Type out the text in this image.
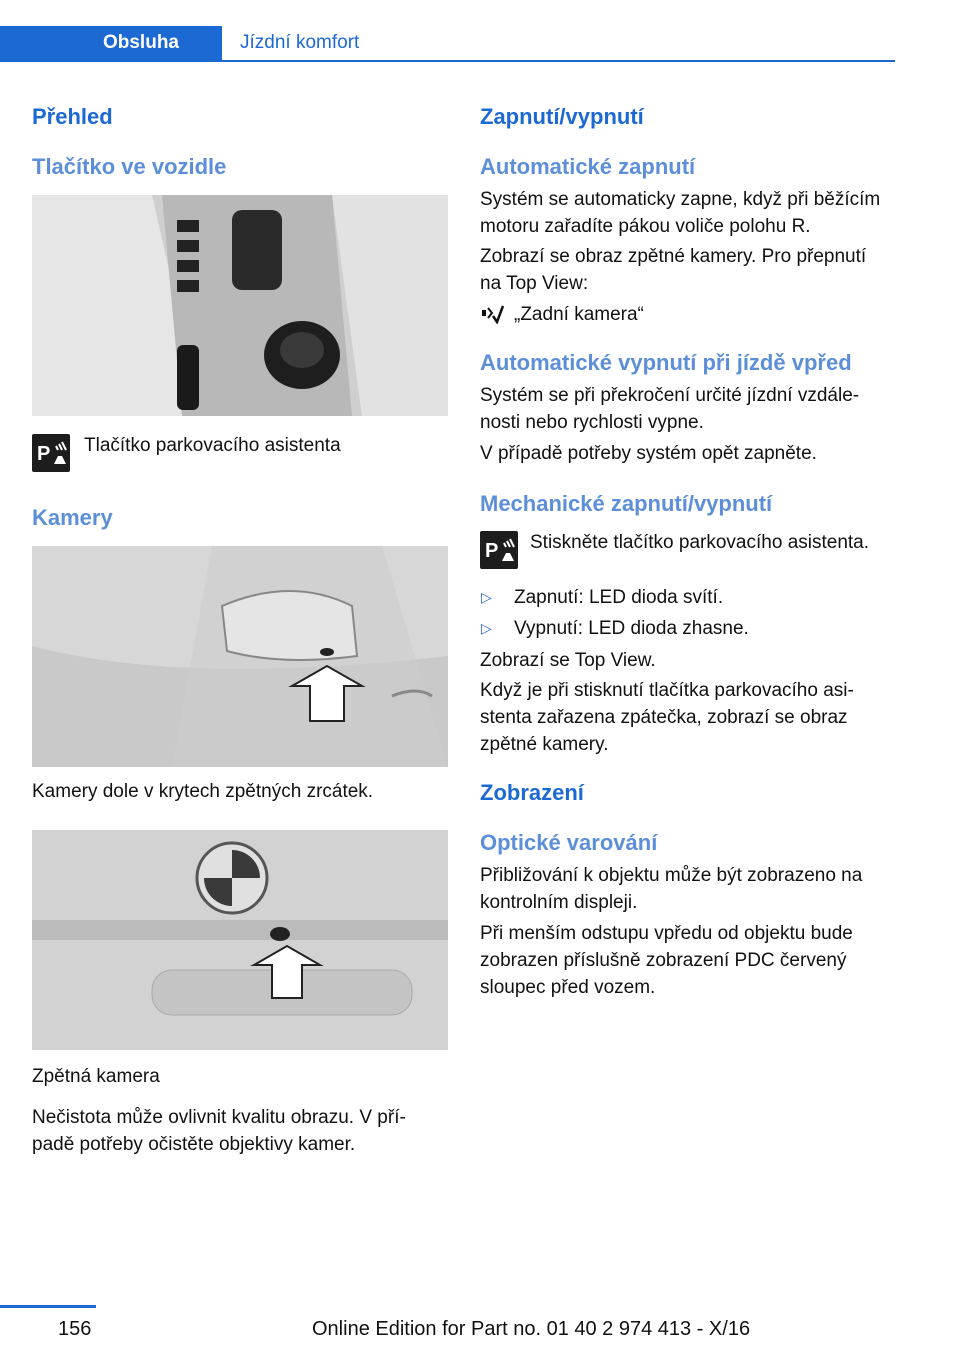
Obsluha	Jízdní komfort
Přehled
Tlačítko ve vozidle
P Tlačítko parkovacího asistenta

Kamery

Kamery dole v krytech zpětných zrcátek.

Zpětná kamera

Nečistota může ovlivnit kvalitu obrazu. V pří‐

padě potřeby očistěte objektivy kamer.

Zapnutí/vypnutí
Automatické zapnutí

Systém se automaticky zapne, když při běžícím

motoru zařadíte pákou voliče polohu R.

Zobrazí se obraz zpětné kamery. Pro přepnutí

na Top View:

„Zadní kamera“

Automatické vypnutí při jízdě vpřed

Systém se při překročení určité jízdní vzdále‐

nosti nebo rychlosti vypne.

V případě potřeby systém opět zapněte.

Mechanické zapnutí/vypnutí
P Stiskněte tlačítko parkovacího asistenta.

▷ Zapnutí: LED dioda svítí.

▷ Vypnutí: LED dioda zhasne.

Zobrazí se Top View.

Když je při stisknutí tlačítka parkovacího asi‐

stenta zařazena zpátečka, zobrazí se obraz

zpětné kamery.

Zobrazení
Optické varování

Přibližování k objektu může být zobrazeno na

kontrolním displeji.

Při menším odstupu vpředu od objektu bude

zobrazen příslušně zobrazení PDC červený

sloupec před vozem.

156	Online Edition for Part no. 01 40 2 974 413 - X/16
